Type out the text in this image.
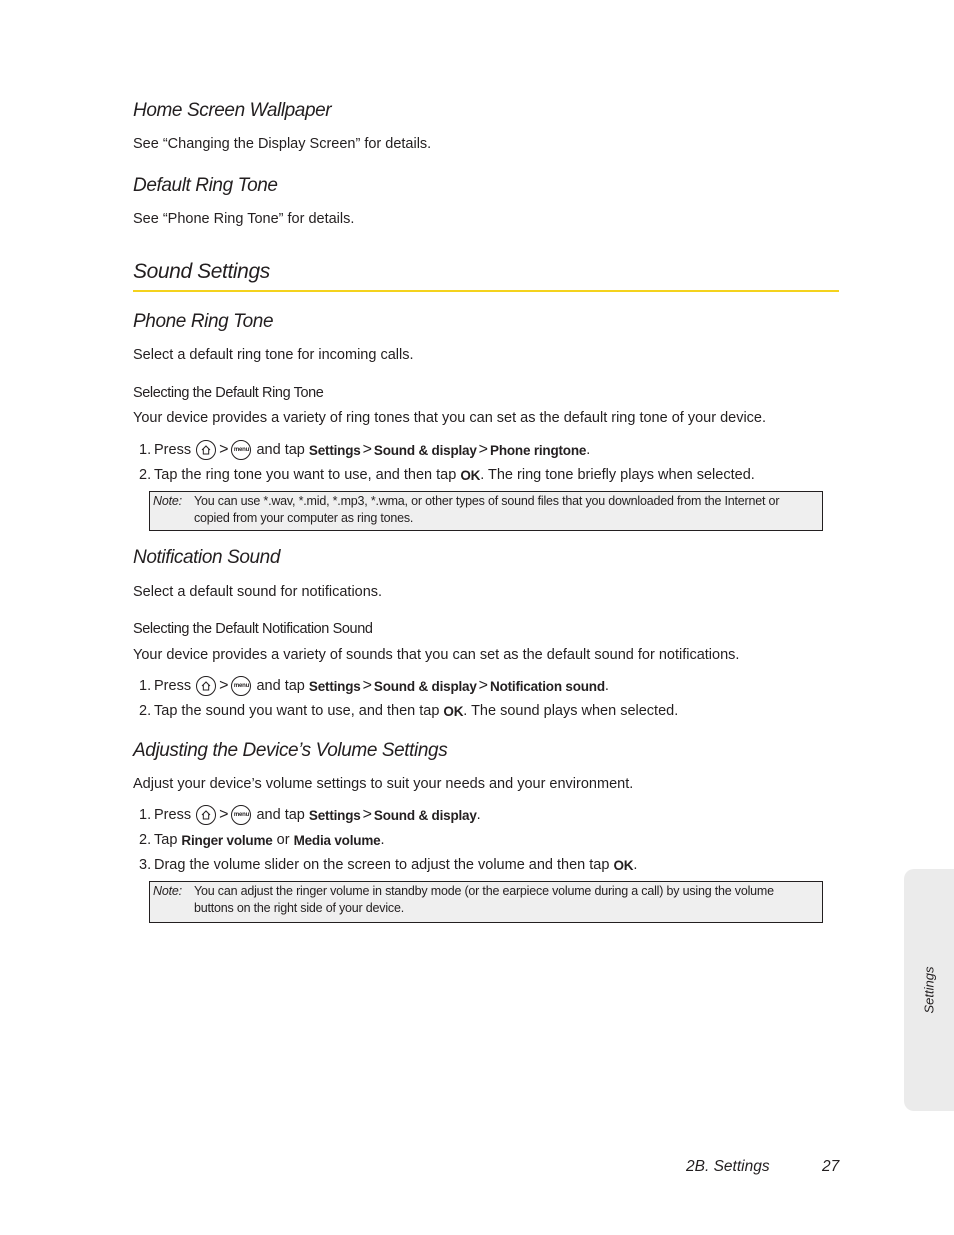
Home Screen Wallpaper
See “Changing the Display Screen” for details.
Default Ring Tone
See “Phone Ring Tone” for details.
Sound Settings
Phone Ring Tone
Select a default ring tone for incoming calls.
Selecting the Default Ring Tone
Your device provides a variety of ring tones that you can set as the default ring tone of your device.
1. Press
> menu
and tap
Settings > Sound & display > Phone ringtone .
2. Tap the ring tone you want to use, and then tap
OK . The ring tone briefly plays when selected.
Note: You can use *.wav, *.mid, *.mp3, *.wma, or other types of sound files that you downloaded from the Internet or copied from your computer as ring tones.
Notification Sound
Select a default sound for notifications.
Selecting the Default Notification Sound
Your device provides a variety of sounds that you can set as the default sound for notifications.
1. Press
> menu
and tap
Settings > Sound & display > Notification sound .
2. Tap the sound you want to use, and then tap
OK . The sound plays when selected.
Adjusting the Device’s Volume Settings
Adjust your device’s volume settings to suit your needs and your environment.
1. Press
> menu
and tap
Settings > Sound & display .
2. Tap
Ringer volume
or
Media volume .
3. Drag the volume slider on the screen to adjust the volume and then tap
OK .
Note: You can adjust the ringer volume in standby mode (or the earpiece volume during a call) by using the volume buttons on the right side of your device.
Settings
2B. Settings	27
